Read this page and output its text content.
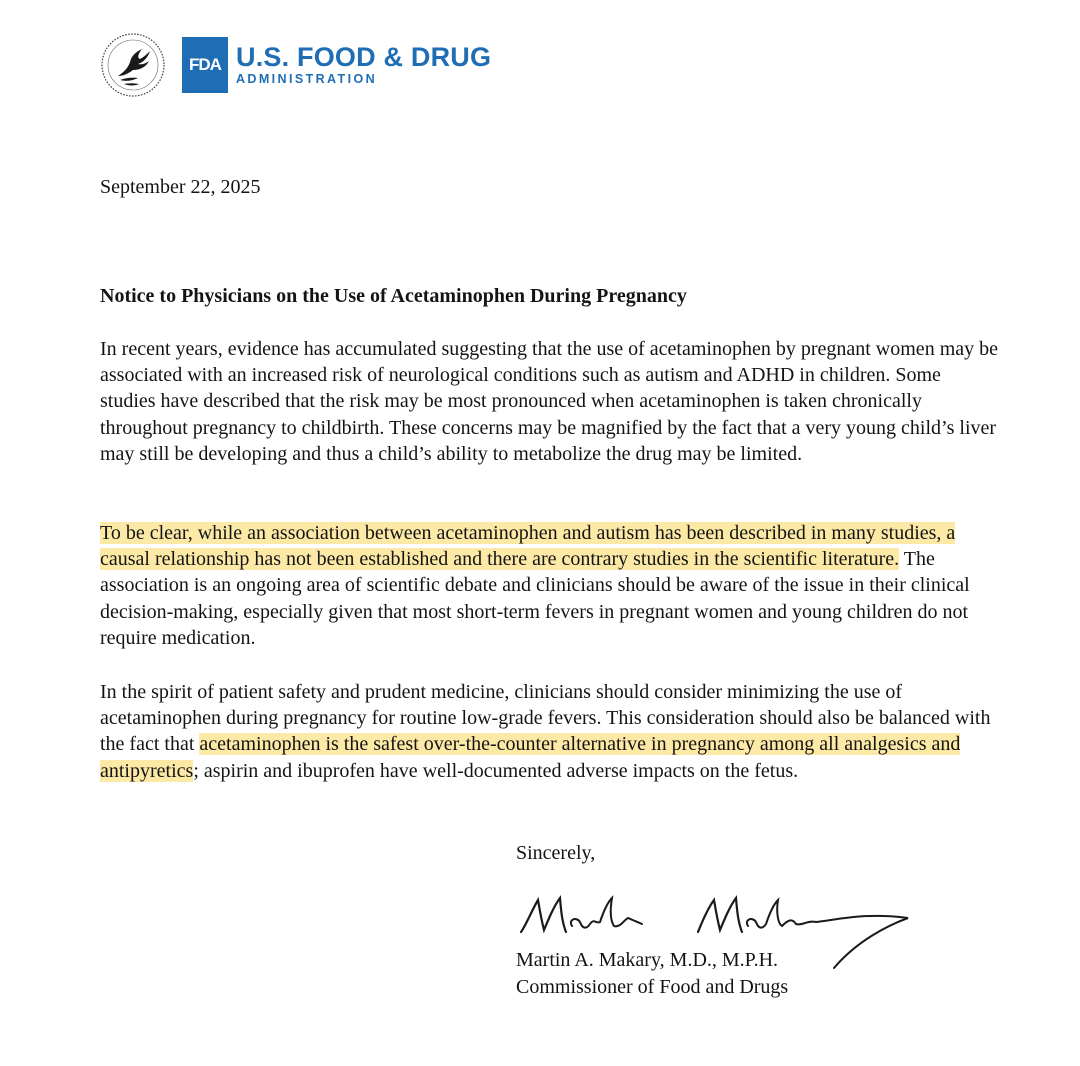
FDA U.S. FOOD & DRUG
ADMINISTRATION
September 22, 2025
Notice to Physicians on the Use of Acetaminophen During Pregnancy

In recent years, evidence has accumulated suggesting that the use of acetaminophen by pregnant women may be associated with an increased risk of neurological conditions such as autism and ADHD in children. Some studies have described that the risk may be most pronounced when acetaminophen is taken chronically throughout pregnancy to childbirth. These concerns may be magnified by the fact that a very young child’s liver may still be developing and thus a child’s ability to metabolize the drug may be limited.

To be clear, while an association between acetaminophen and autism has been described in many studies, a causal relationship has not been established and there are contrary studies in the scientific literature. The association is an ongoing area of scientific debate and clinicians should be aware of the issue in their clinical decision-making, especially given that most short-term fevers in pregnant women and young children do not require medication.

In the spirit of patient safety and prudent medicine, clinicians should consider minimizing the use of acetaminophen during pregnancy for routine low-grade fevers. This consideration should also be balanced with the fact that acetaminophen is the safest over-the-counter alternative in pregnancy among all analgesics and antipyretics; aspirin and ibuprofen have well-documented adverse impacts on the fetus.

Sincerely,
Martin A. Makary, M.D., M.P.H.
Commissioner of Food and Drugs
